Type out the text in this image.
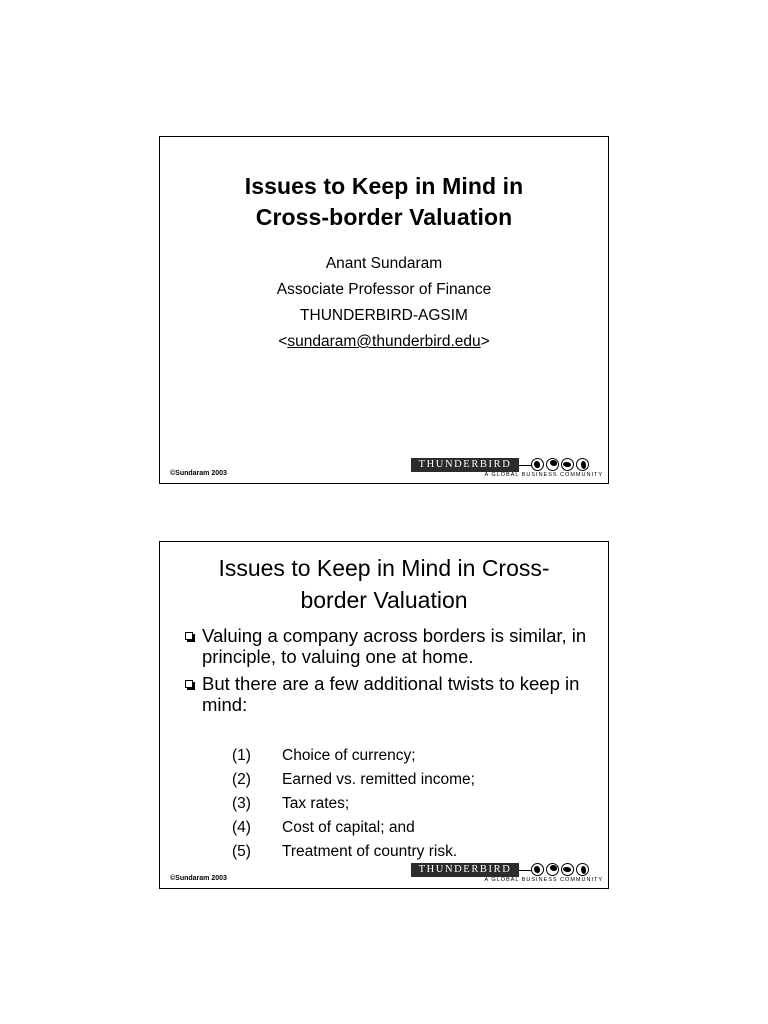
Issues to Keep in Mind in
Cross-border Valuation
Anant Sundaram
Associate Professor of Finance
THUNDERBIRD-AGSIM
<sundaram@thunderbird.edu>
©Sundaram 2003
THUNDERBIRD
A GLOBAL BUSINESS COMMUNITY
Issues to Keep in Mind in Cross-
border Valuation
Valuing a company across borders is similar, in principle, to valuing one at home.
But there are a few additional twists to keep in mind:
(1)	Choice of currency;
(2)	Earned vs. remitted income;
(3)	Tax rates;
(4)	Cost of capital; and
(5)	Treatment of country risk.
©Sundaram 2003
THUNDERBIRD
A GLOBAL BUSINESS COMMUNITY
